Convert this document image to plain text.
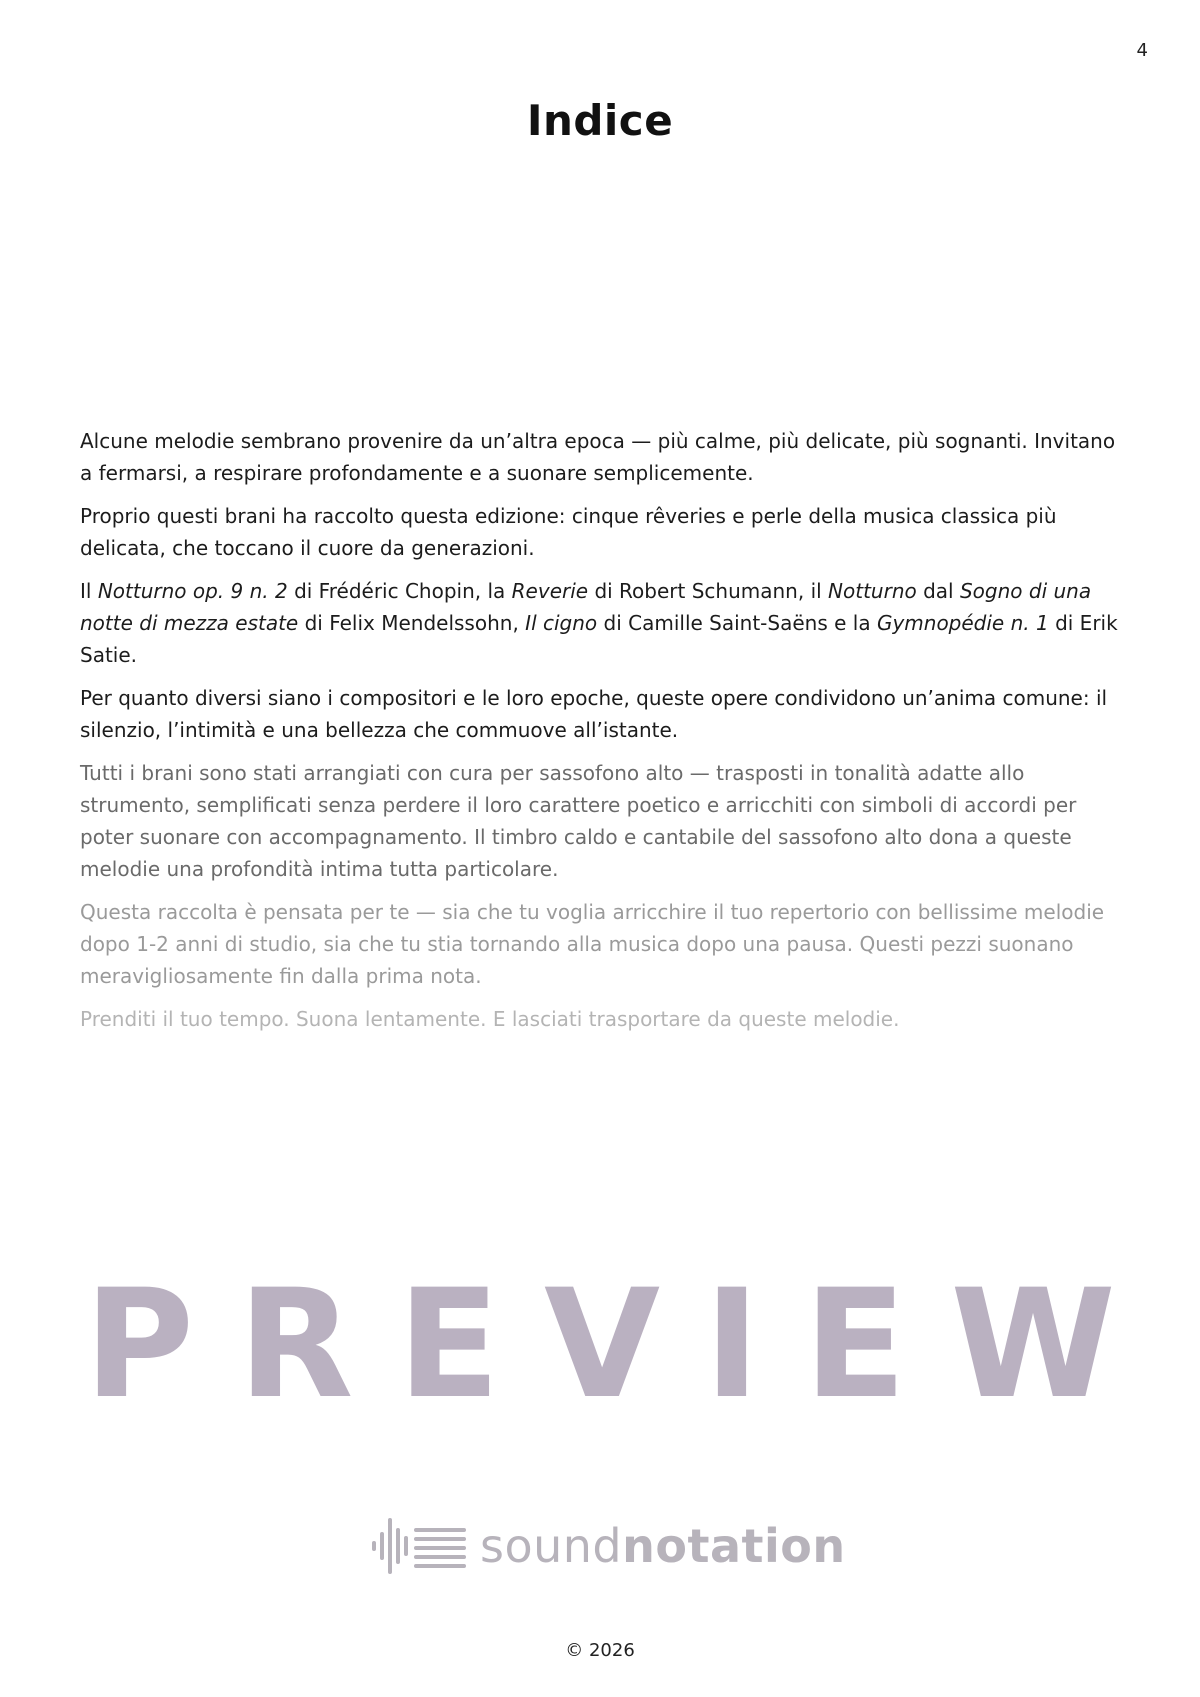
4
Indice

Alcune melodie sembrano provenire da un’altra epoca — più calme, più delicate, più sognanti. Invitano a fermarsi, a respirare profondamente e a suonare semplicemente.

Proprio questi brani ha raccolto questa edizione: cinque rêveries e perle della musica classica più delicata, che toccano il cuore da generazioni.

Il Notturno op. 9 n. 2 di Frédéric Chopin, la Reverie di Robert Schumann, il Notturno dal Sogno di una notte di mezza estate di Felix Mendelssohn, Il cigno di Camille Saint-Saëns e la Gymnopédie n. 1 di Erik Satie.

Per quanto diversi siano i compositori e le loro epoche, queste opere condividono un’anima comune: il silenzio, l’intimità e una bellezza che commuove all’istante.

Tutti i brani sono stati arrangiati con cura per sassofono alto — trasposti in tonalità adatte allo strumento, semplificati senza perdere il loro carattere poetico e arricchiti con simboli di accordi per poter suonare con accompagnamento. Il timbro caldo e cantabile del sassofono alto dona a queste melodie una profondità intima tutta particolare.

Questa raccolta è pensata per te — sia che tu voglia arricchire il tuo repertorio con bellissime melodie dopo 1-2 anni di studio, sia che tu stia tornando alla musica dopo una pausa. Questi pezzi suonano meravigliosamente fin dalla prima nota.

Prenditi il tuo tempo. Suona lentamente. E lasciati trasportare da queste melodie.

PREVIEW
soundnotation
© 2026
